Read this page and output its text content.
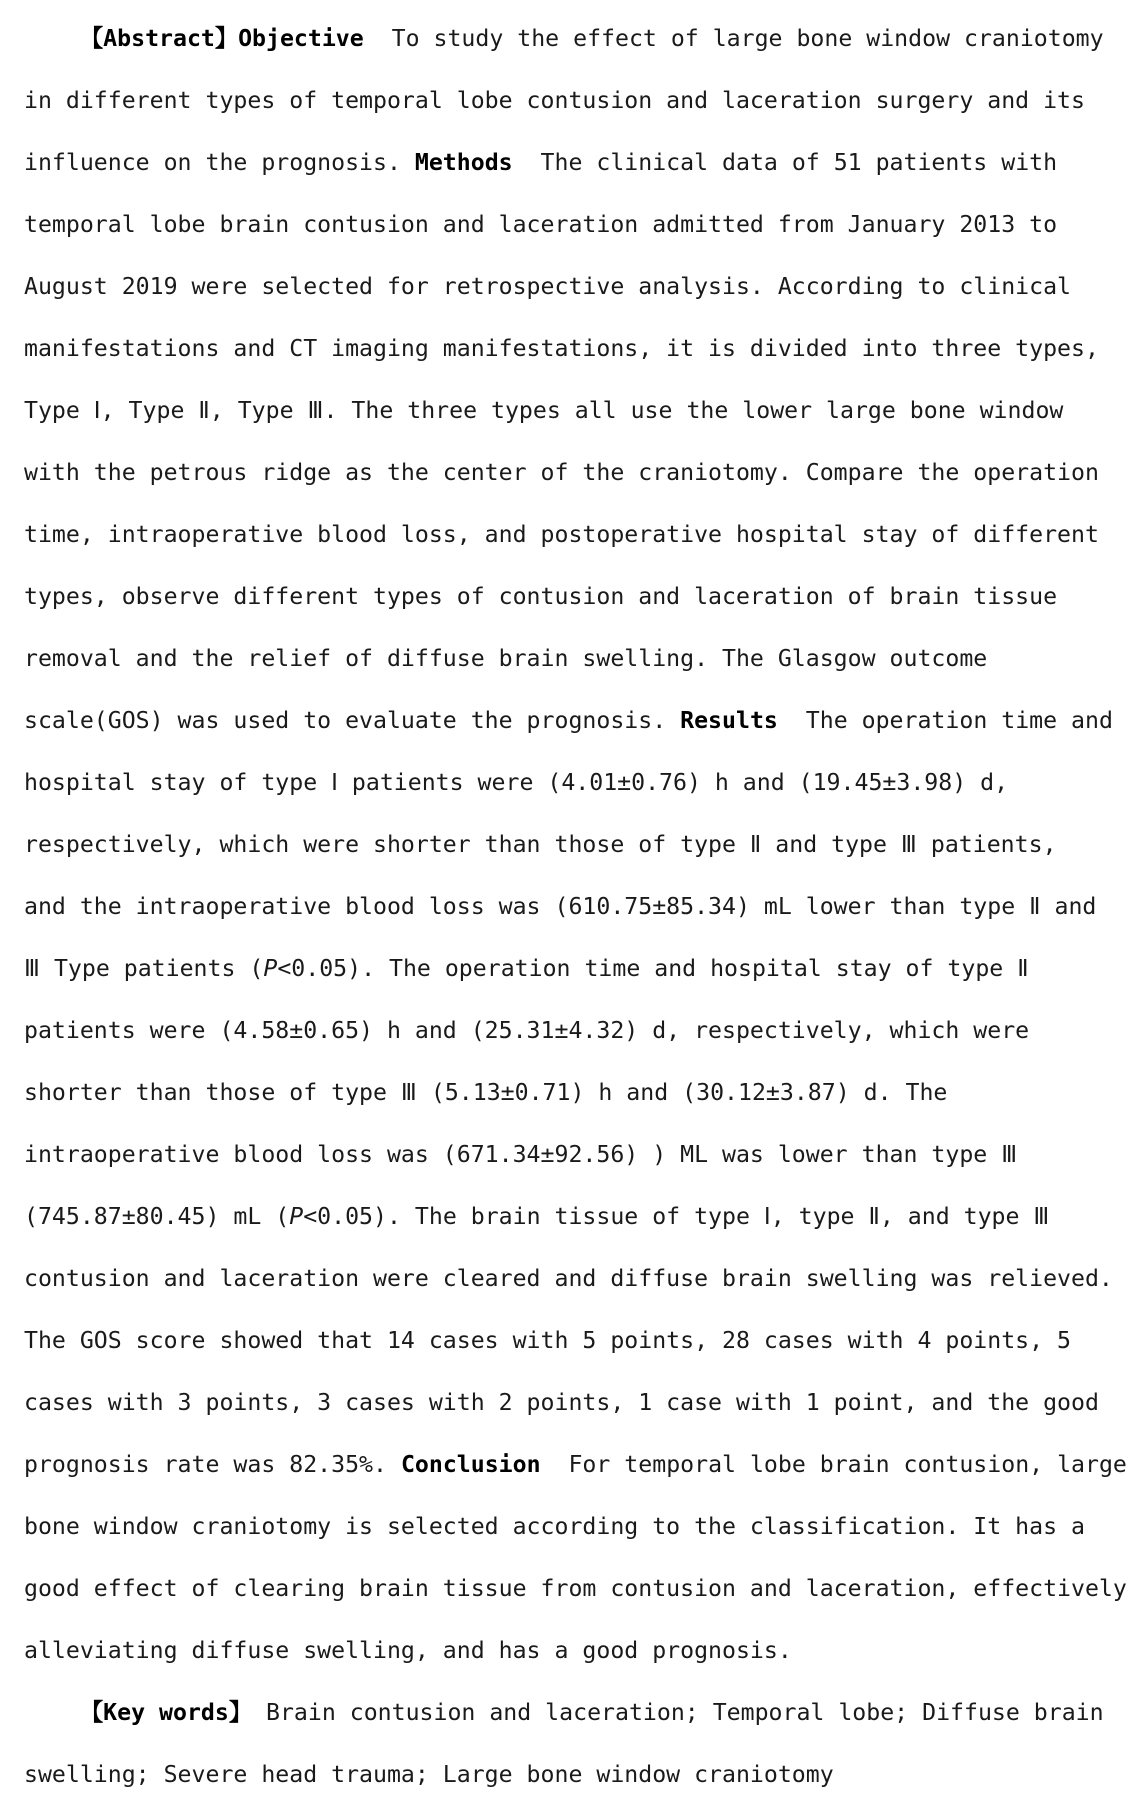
【Abstract】Objective To study the effect of large bone window craniotomy
in different types of temporal lobe contusion and laceration surgery and its
influence on the prognosis. Methods The clinical data of 51 patients with
temporal lobe brain contusion and laceration admitted from January 2013 to
August 2019 were selected for retrospective analysis. According to clinical
manifestations and CT imaging manifestations, it is divided into three types,
Type Ⅰ, Type Ⅱ, Type Ⅲ. The three types all use the lower large bone window
with the petrous ridge as the center of the craniotomy. Compare the operation
time, intraoperative blood loss, and postoperative hospital stay of different
types, observe different types of contusion and laceration of brain tissue
removal and the relief of diffuse brain swelling. The Glasgow outcome
scale(GOS) was used to evaluate the prognosis. Results The operation time and
hospital stay of type Ⅰ patients were (4.01±0.76) h and (19.45±3.98) d,
respectively, which were shorter than those of type Ⅱ and type Ⅲ patients,
and the intraoperative blood loss was (610.75±85.34) mL lower than type Ⅱ and
Ⅲ Type patients (P<0.05). The operation time and hospital stay of type Ⅱ
patients were (4.58±0.65) h and (25.31±4.32) d, respectively, which were
shorter than those of type Ⅲ (5.13±0.71) h and (30.12±3.87) d. The
intraoperative blood loss was (671.34±92.56) ) ML was lower than type Ⅲ
(745.87±80.45) mL (P<0.05). The brain tissue of type Ⅰ, type Ⅱ, and type Ⅲ
contusion and laceration were cleared and diffuse brain swelling was relieved.
The GOS score showed that 14 cases with 5 points, 28 cases with 4 points, 5
cases with 3 points, 3 cases with 2 points, 1 case with 1 point, and the good
prognosis rate was 82.35%. Conclusion For temporal lobe brain contusion, large
bone window craniotomy is selected according to the classification. It has a
good effect of clearing brain tissue from contusion and laceration, effectively
alleviating diffuse swelling, and has a good prognosis.
【Key words】 Brain contusion and laceration; Temporal lobe; Diffuse brain
swelling; Severe head trauma; Large bone window craniotomy
